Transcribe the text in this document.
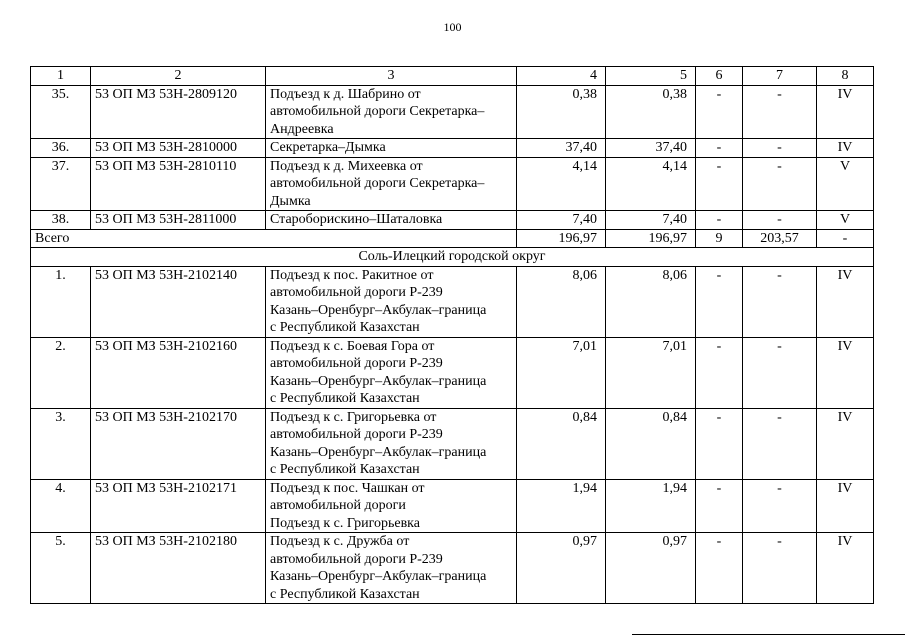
100
1	2	3	4	5	6	7	8
35.	53 ОП МЗ 53Н-2809120	Подъезд к д. Шабрино от
автомобильной дороги Секретарка–
Андреевка	0,38	0,38	-	-	IV
36.	53 ОП МЗ 53Н-2810000	Секретарка–Дымка	37,40	37,40	-	-	IV
37.	53 ОП МЗ 53Н-2810110	Подъезд к д. Михеевка от
автомобильной дороги Секретарка–
Дымка	4,14	4,14	-	-	V
38.	53 ОП МЗ 53Н-2811000	Староборискино–Шаталовка	7,40	7,40	-	-	V
Всего			196,97	196,97	9	203,57	-
Соль-Илецкий городской округ							
1.	53 ОП МЗ 53Н-2102140	Подъезд к пос. Ракитное от
автомобильной дороги Р-239
Казань–Оренбург–Акбулак–граница
с Республикой Казахстан	8,06	8,06	-	-	IV
2.	53 ОП МЗ 53Н-2102160	Подъезд к с. Боевая Гора от
автомобильной дороги Р-239
Казань–Оренбург–Акбулак–граница
с Республикой Казахстан	7,01	7,01	-	-	IV
3.	53 ОП МЗ 53Н-2102170	Подъезд к с. Григорьевка от
автомобильной дороги Р-239
Казань–Оренбург–Акбулак–граница
с Республикой Казахстан	0,84	0,84	-	-	IV
4.	53 ОП МЗ 53Н-2102171	Подъезд к пос. Чашкан от
автомобильной дороги
Подъезд к с. Григорьевка	1,94	1,94	-	-	IV
5.	53 ОП МЗ 53Н-2102180	Подъезд к с. Дружба от
автомобильной дороги Р-239
Казань–Оренбург–Акбулак–граница
с Республикой Казахстан	0,97	0,97	-	-	IV
